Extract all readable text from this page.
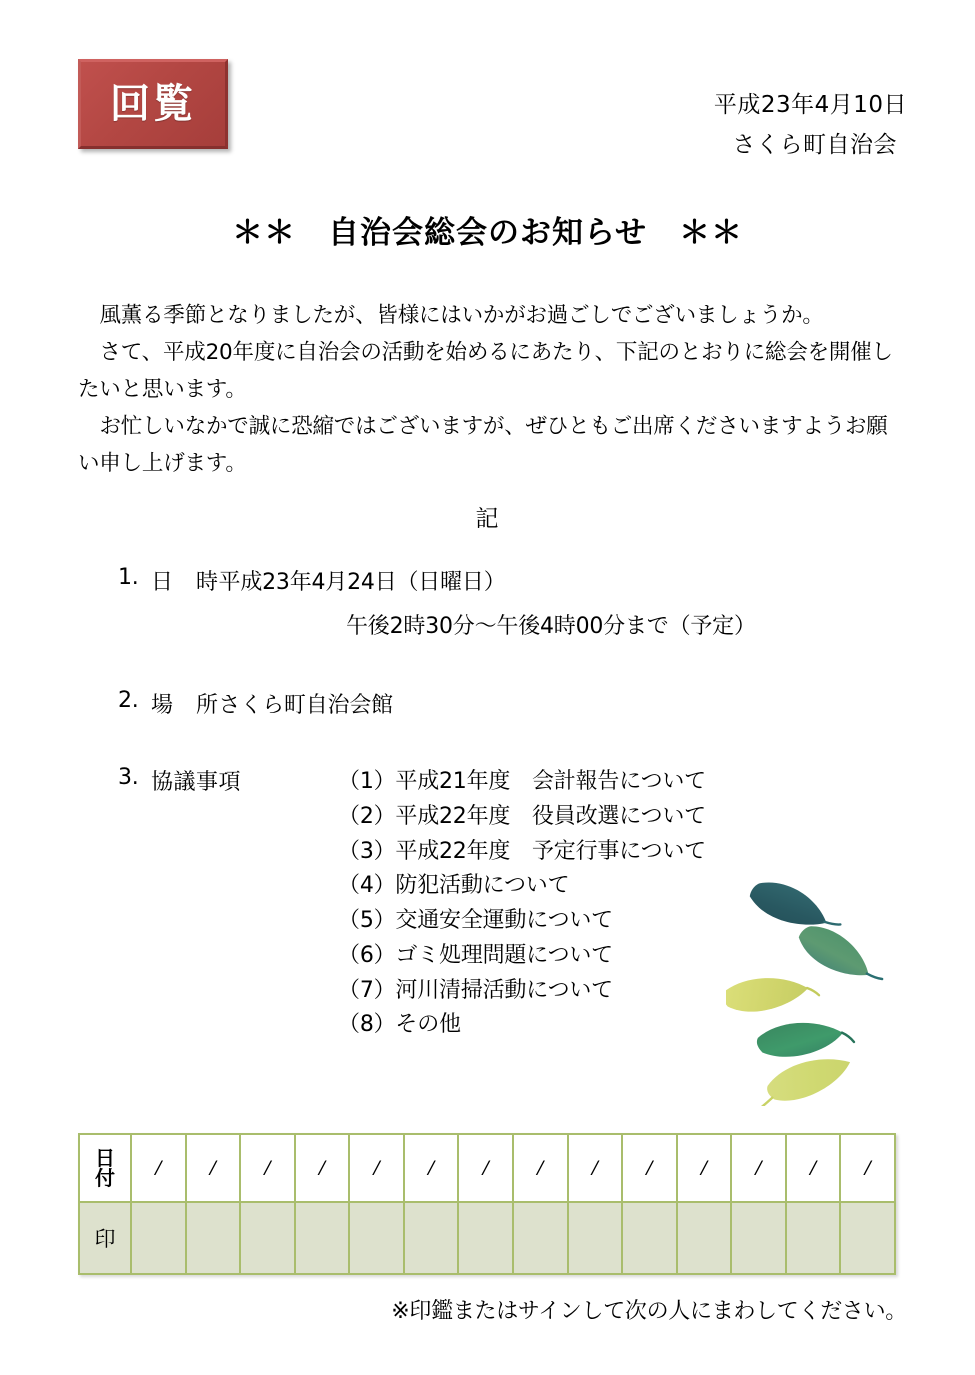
回覧	平成23年4月10日
さくら町自治会
＊＊　自治会総会のお知らせ　＊＊

風薫る季節となりましたが、皆様にはいかがお過ごしでございましょうか。

さて、平成20年度に自治会の活動を始めるにあたり、下記のとおりに総会を開催したいと思います。

お忙しいなかで誠に恐縮ではございますが、ぜひともご出席くださいますようお願い申し上げます。

記
1. 日　時 平成23年4月24日（日曜日）
午後2時30分〜午後4時00分まで（予定）
2. 場　所 さくら町自治会館
3. 協議事項	（1）平成21年度　会計報告について
（2）平成22年度　役員改選について
（3）平成22年度　予定行事について
（4）防犯活動について
（5）交通安全運動について
（6）ゴミ処理問題について
（7）河川清掃活動について
（8）その他
日
付	/	/	/	/	/	/	/	/	/	/	/	/	/	/
印														
※印鑑またはサインして次の人にまわしてください。
